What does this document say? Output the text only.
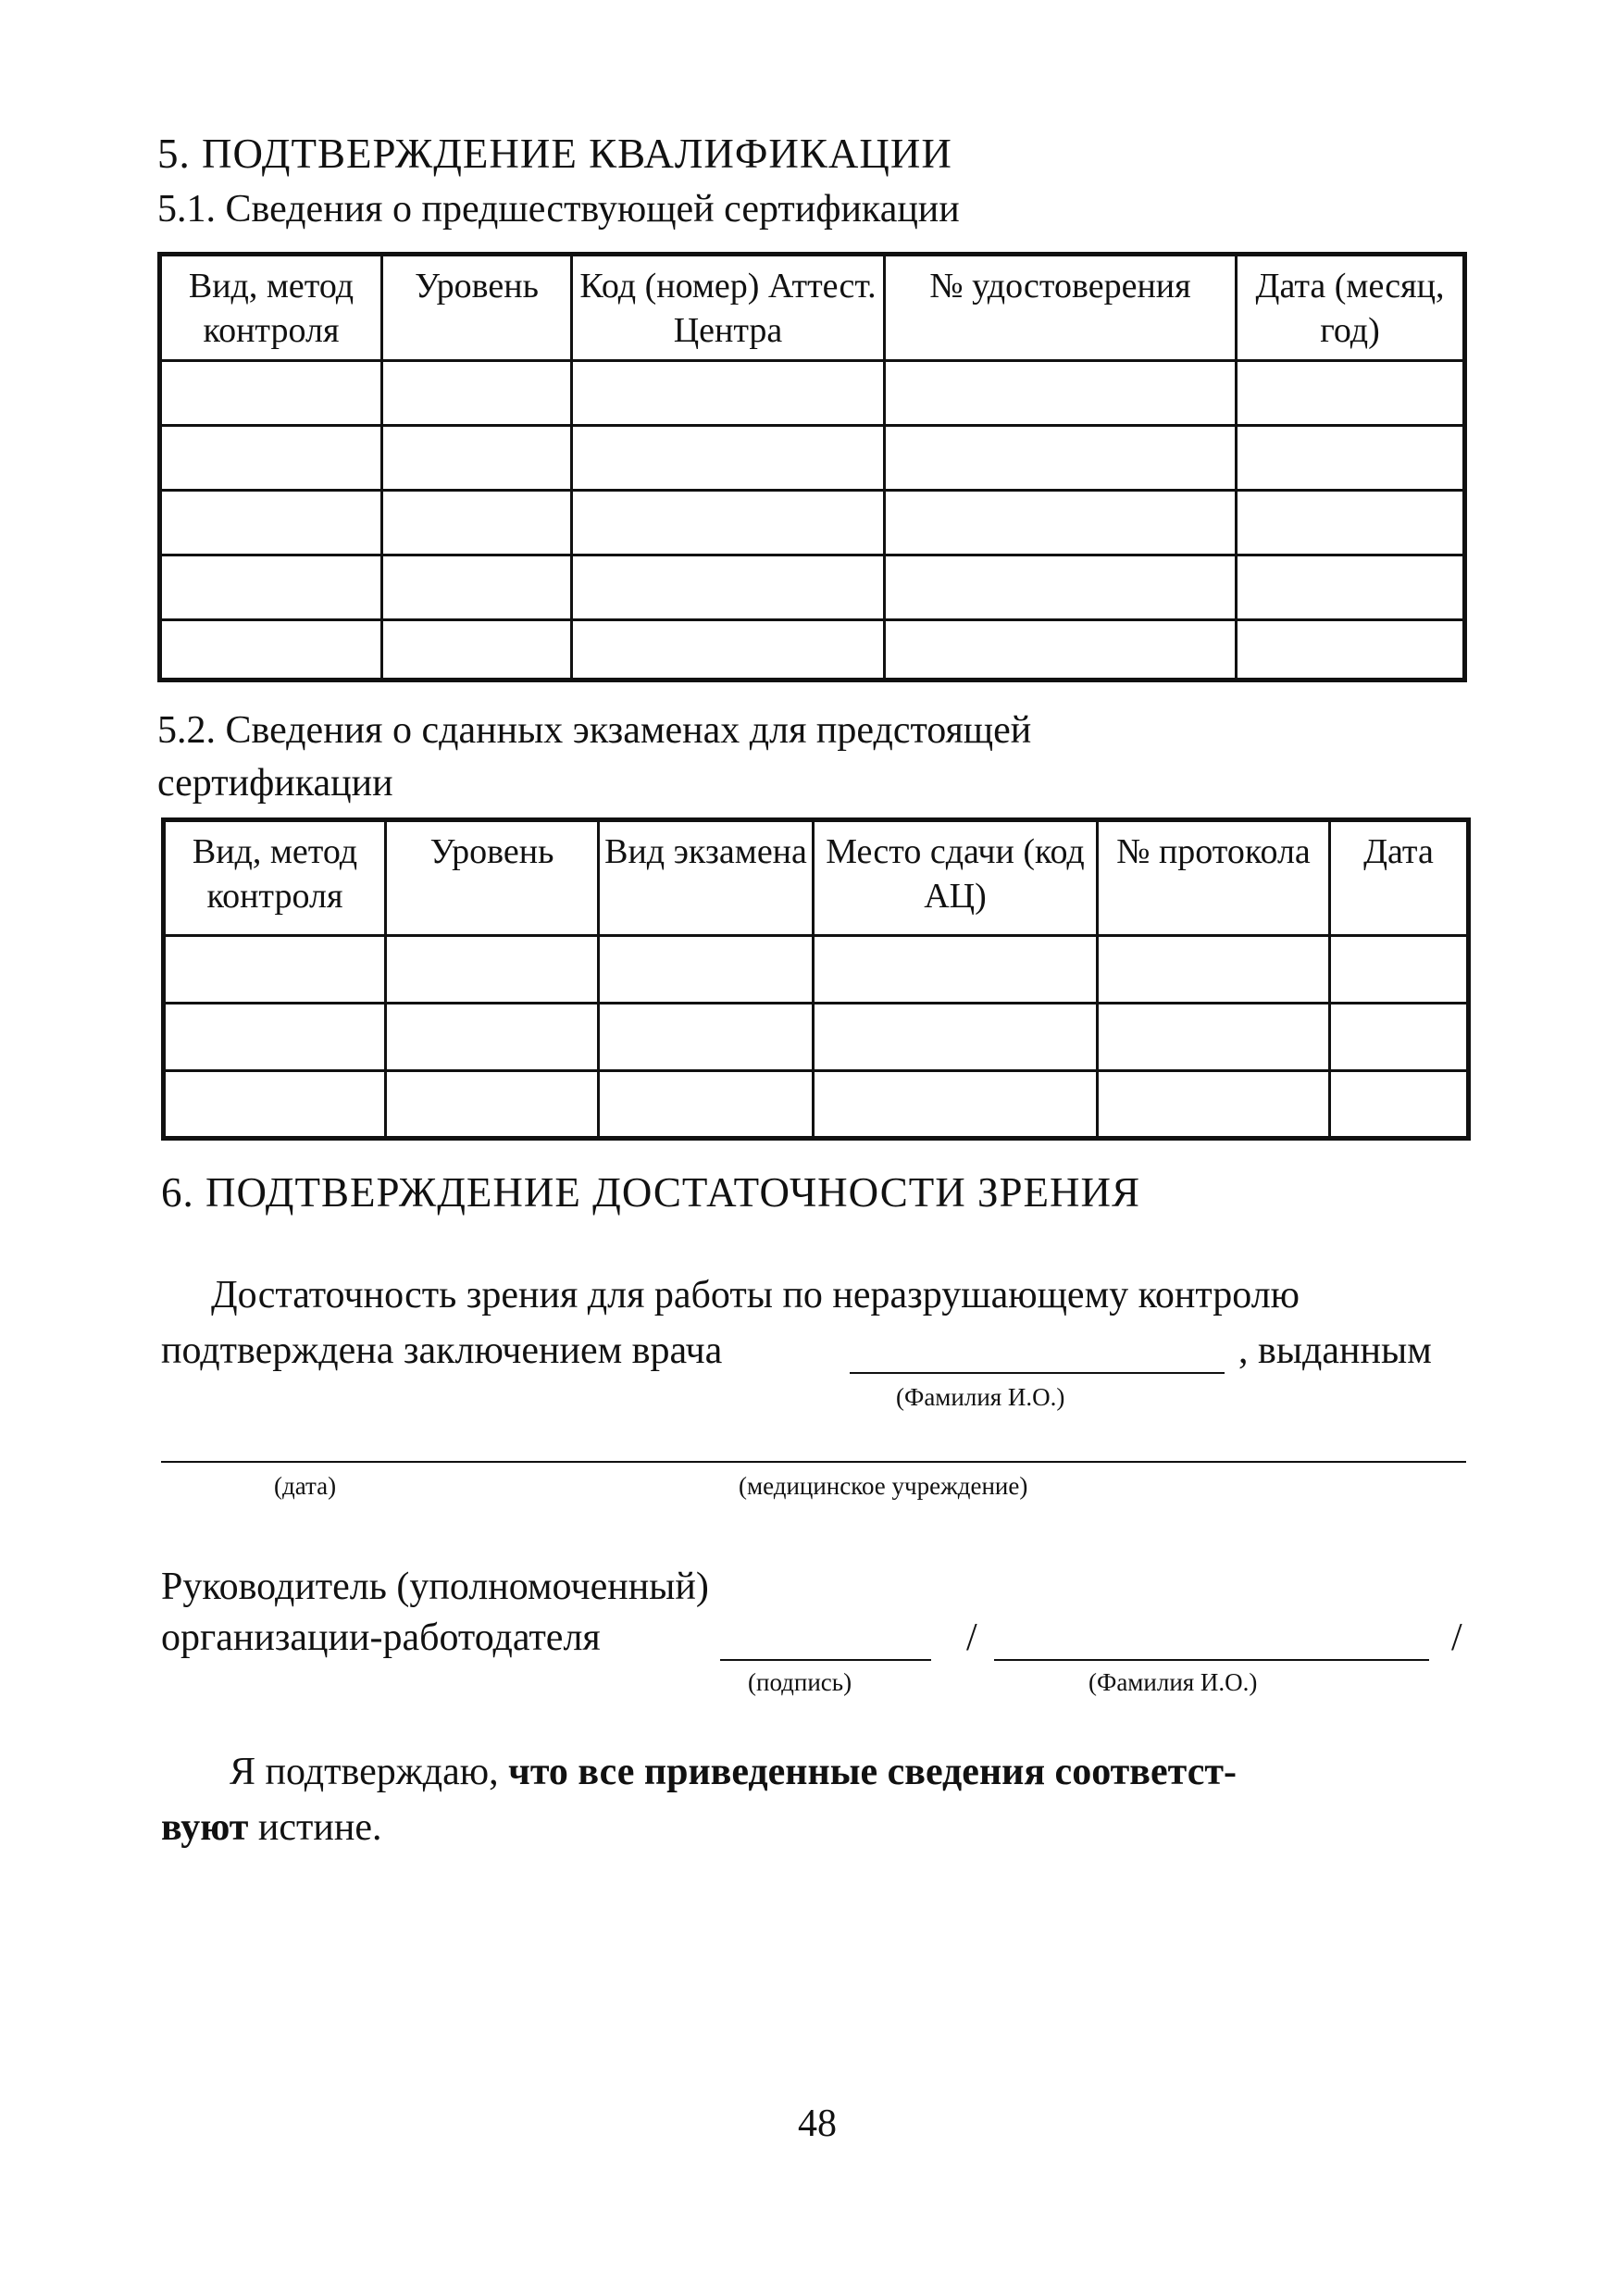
5. ПОДТВЕРЖДЕНИЕ КВАЛИФИКАЦИИ
5.1. Сведения о предшествующей сертификации
Вид, метод контроля	Уровень	Код (номер) Аттест. Центра	№ удостоверения	Дата (месяц, год)

5.2. Сведения о сданных экзаменах для предстоящей
сертификации
Вид, метод контроля	Уровень	Вид экзамена	Место сдачи (код АЦ)	№ протокола	Дата

6. ПОДТВЕРЖДЕНИЕ ДОСТАТОЧНОСТИ ЗРЕНИЯ
Достаточность зрения для работы по неразрушающему контролю
подтверждена заключением врача	, выданным
(Фамилия И.О.)
(дата)	(медицинское учреждение)
Руководитель (уполномоченный)
организации-работодателя	/	/
(подпись)	(Фамилия И.О.)
Я подтверждаю, что все приведенные сведения соответст-
вуют истине.
48
